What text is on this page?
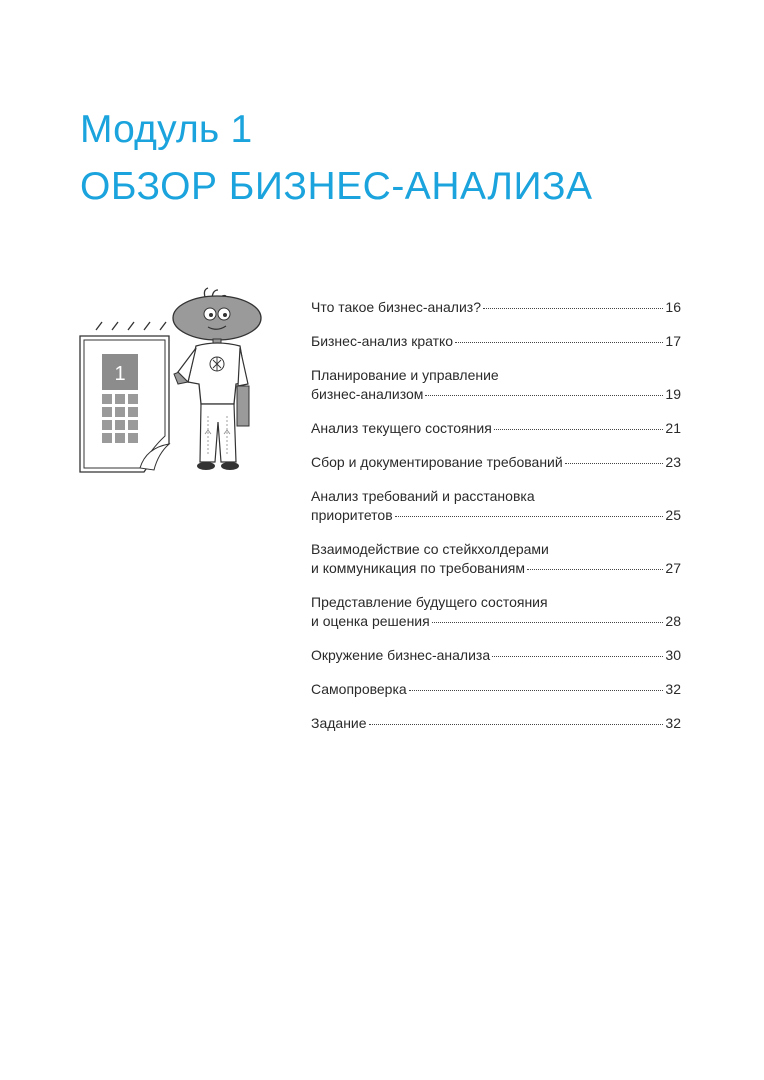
Модуль 1
ОБЗОР БИЗНЕС-АНАЛИЗА
1
Что такое бизнес-анализ?	16
Бизнес-анализ кратко	17
Планирование и управление
бизнес-анализом	19
Анализ текущего состояния	21
Сбор и документирование требований	23
Анализ требований и расстановка
приоритетов	25
Взаимодействие со стейкхолдерами
и коммуникация по требованиям	27
Представление будущего состояния
и оценка решения	28
Окружение бизнес-анализа	30
Самопроверка	32
Задание	32
